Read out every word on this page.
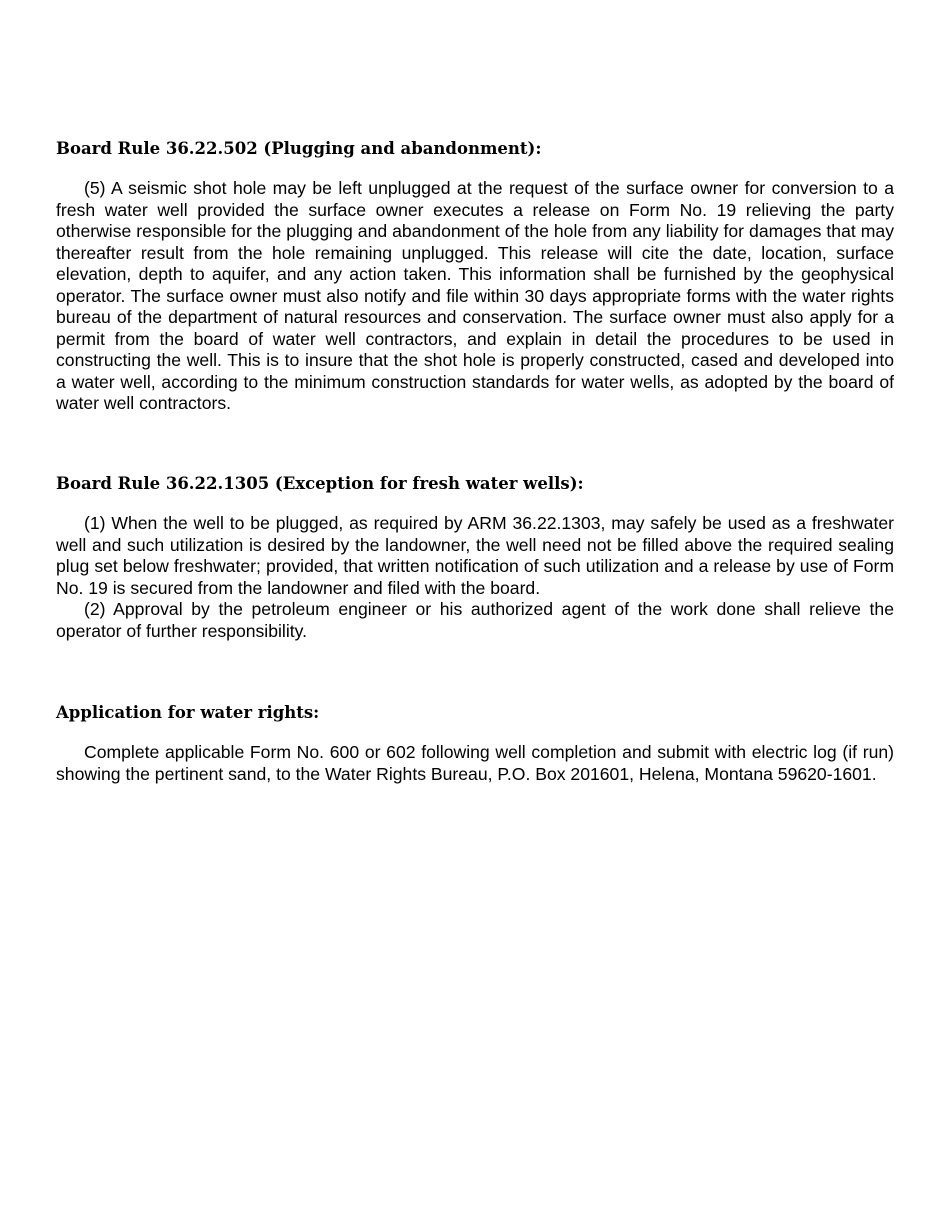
Board Rule 36.22.502 (Plugging and abandonment):

(5) A seismic shot hole may be left unplugged at the request of the surface owner for conversion to a fresh water well provided the surface owner executes a release on Form No. 19 relieving the party otherwise responsible for the plugging and abandonment of the hole from any liability for damages that may thereafter result from the hole remaining unplugged. This release will cite the date, location, surface elevation, depth to aquifer, and any action taken. This information shall be furnished by the geophysical operator. The surface owner must also notify and file within 30 days appropriate forms with the water rights bureau of the department of natural resources and conservation. The surface owner must also apply for a permit from the board of water well contractors, and explain in detail the procedures to be used in constructing the well. This is to insure that the shot hole is properly constructed, cased and developed into a water well, according to the minimum construction standards for water wells, as adopted by the board of water well contractors.

Board Rule 36.22.1305 (Exception for fresh water wells):

(1) When the well to be plugged, as required by ARM 36.22.1303, may safely be used as a freshwater well and such utilization is desired by the landowner, the well need not be filled above the required sealing plug set below freshwater; provided, that written notification of such utilization and a release by use of Form No. 19 is secured from the landowner and filed with the board.

(2) Approval by the petroleum engineer or his authorized agent of the work done shall relieve the operator of further responsibility.

Application for water rights:

Complete applicable Form No. 600 or 602 following well completion and submit with electric log (if run) showing the pertinent sand, to the Water Rights Bureau, P.O. Box 201601, Helena, Montana 59620-1601.
